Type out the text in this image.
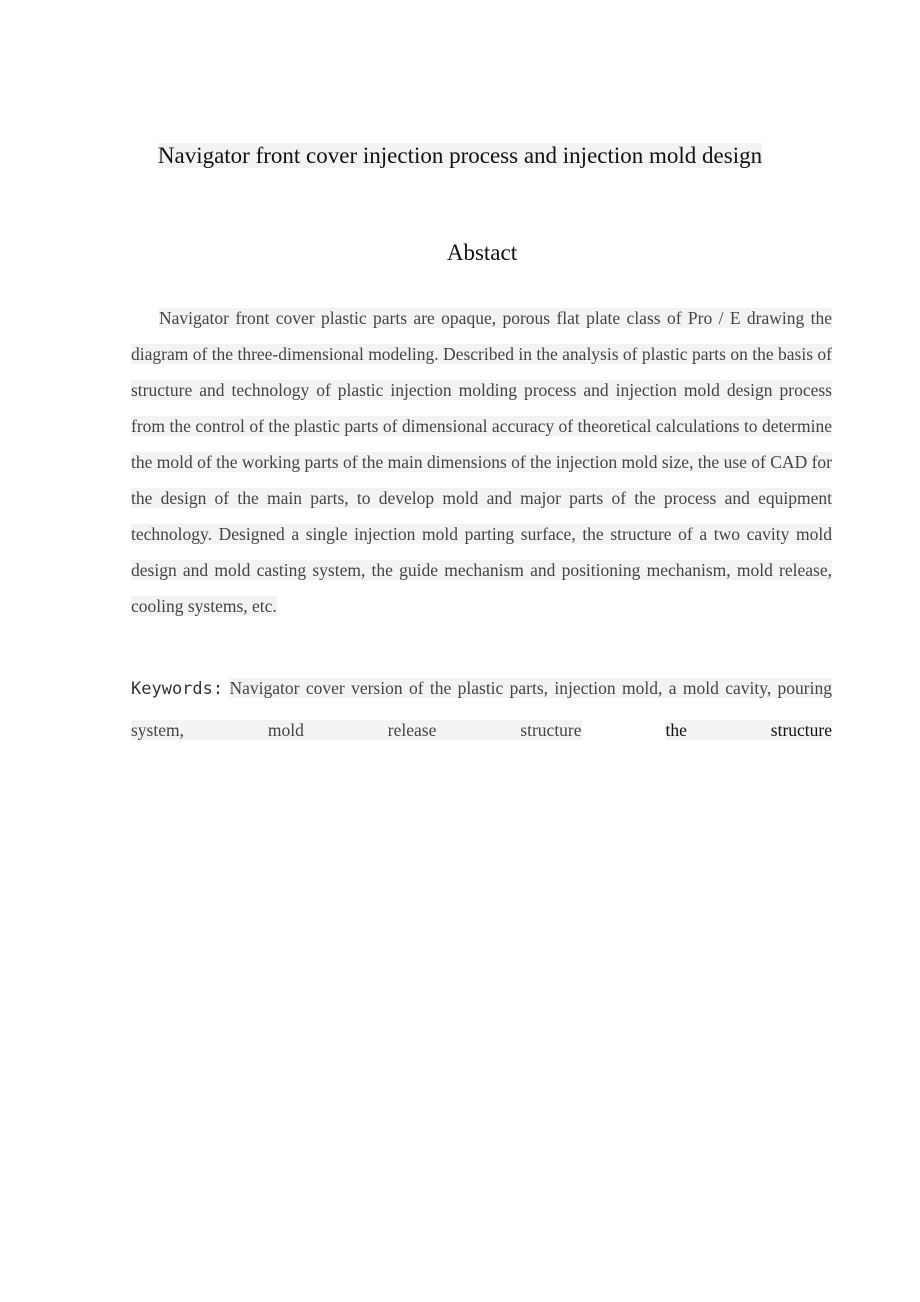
Navigator front cover injection process and injection mold design
Abstact

Navigator front cover plastic parts are opaque, porous flat plate class of Pro / E drawing the diagram of the three-dimensional modeling. Described in the analysis of plastic parts on the basis of structure and technology of plastic injection molding process and injection mold design process from the control of the plastic parts of dimensional accuracy of theoretical calculations to determine the mold of the working parts of the main dimensions of the injection mold size, the use of CAD for the design of the main parts, to develop mold and major parts of the process and equipment technology. Designed a single injection mold parting surface, the structure of a two cavity mold design and mold casting system, the guide mechanism and positioning mechanism, mold release, cooling systems, etc.

Keywords: Navigator cover version of the plastic parts, injection mold, a mold cavity, pouring system, mold release structure	the structure
